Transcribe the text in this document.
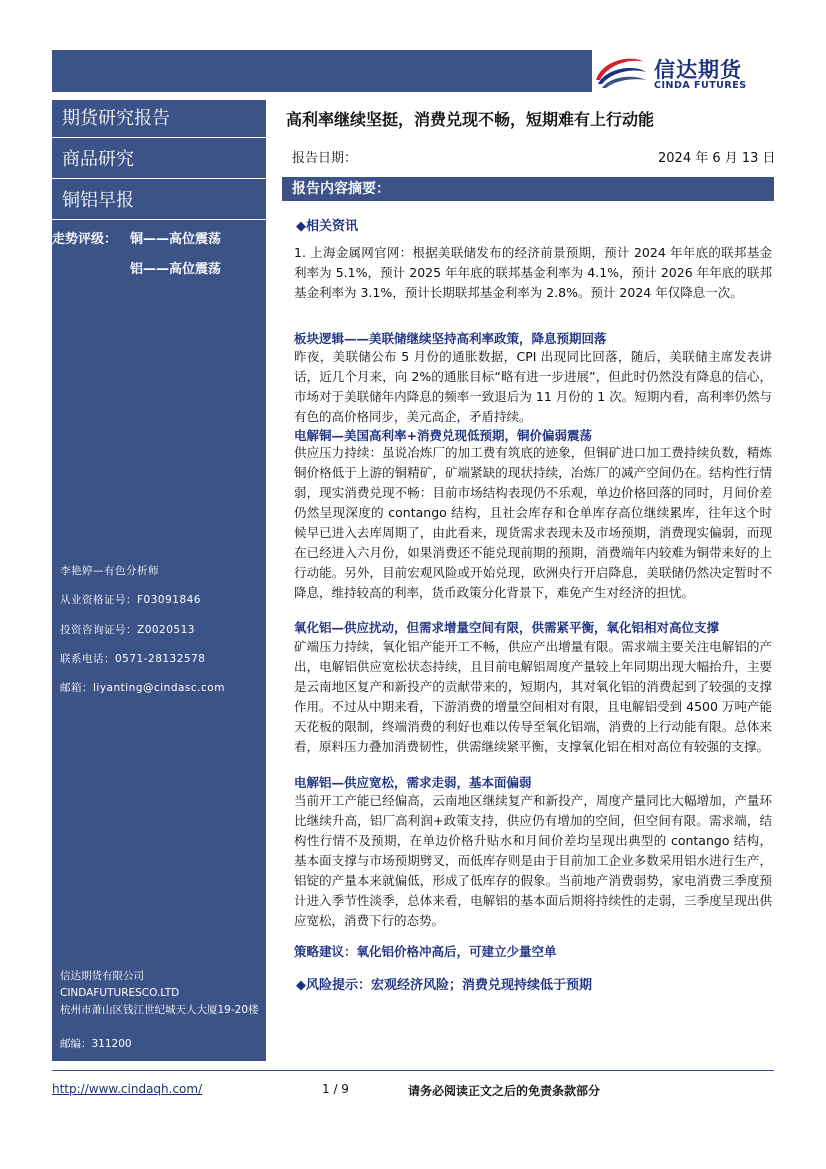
信达期货
CINDA FUTURES
期货研究报告
商品研究
铜铝早报
走势评级： 铜——高位震荡
铝——高位震荡
李艳婷—有色分析师
从业资格证号：F03091846
投资咨询证号：Z0020513
联系电话：0571-28132578
邮箱：liyanting@cindasc.com
信达期货有限公司
CINDAFUTURESCO.LTD
杭州市萧山区钱江世纪城天人大厦19-20楼
邮编：311200
高利率继续坚挺，消费兑现不畅，短期难有上行动能
报告日期：	2024 年 6 月 13 日
报告内容摘要：
◆相关资讯
1. 上海金属网官网：根据美联储发布的经济前景预期，预计 2024 年年底的联邦基金利率为 5.1%，预计 2025 年年底的联邦基金利率为 4.1%，预计 2026 年年底的联邦基金利率为 3.1%，预计长期联邦基金利率为 2.8%。预计 2024 年仅降息一次。
板块逻辑——美联储继续坚持高利率政策，降息预期回落
昨夜，美联储公布 5 月份的通胀数据，CPI 出现同比回落，随后，美联储主席发表讲话，近几个月来，向 2%的通胀目标“略有进一步进展”，但此时仍然没有降息的信心，市场对于美联储年内降息的频率一致退后为 11 月份的 1 次。短期内看，高利率仍然与有色的高价格同步，美元高企，矛盾持续。
电解铜—美国高利率+消费兑现低预期，铜价偏弱震荡
供应压力持续：虽说冶炼厂的加工费有筑底的迹象，但铜矿进口加工费持续负数，精炼铜价格低于上游的铜精矿，矿端紧缺的现状持续，冶炼厂的减产空间仍在。结构性行情弱，现实消费兑现不畅：目前市场结构表现仍不乐观，单边价格回落的同时，月间价差仍然呈现深度的 contango 结构，且社会库存和仓单库存高位继续累库，往年这个时候早已进入去库周期了，由此看来，现货需求表现未及市场预期，消费现实偏弱，而现在已经进入六月份，如果消费还不能兑现前期的预期，消费端年内较难为铜带来好的上行动能。另外，目前宏观风险或开始兑现，欧洲央行开启降息，美联储仍然决定暂时不降息，维持较高的利率，货币政策分化背景下，难免产生对经济的担忧。
氧化铝—供应扰动，但需求增量空间有限，供需紧平衡，氧化铝相对高位支撑
矿端压力持续，氧化铝产能开工不畅，供应产出增量有限。需求端主要关注电解铝的产出，电解铝供应宽松状态持续，且目前电解铝周度产量较上年同期出现大幅抬升，主要是云南地区复产和新投产的贡献带来的，短期内，其对氧化铝的消费起到了较强的支撑作用。不过从中期来看，下游消费的增量空间相对有限，且电解铝受到 4500 万吨产能天花板的限制，终端消费的利好也难以传导至氧化铝端，消费的上行动能有限。总体来看，原料压力叠加消费韧性，供需继续紧平衡，支撑氧化铝在相对高位有较强的支撑。
电解铝—供应宽松，需求走弱，基本面偏弱
当前开工产能已经偏高，云南地区继续复产和新投产，周度产量同比大幅增加，产量环比继续升高，铝厂高利润+政策支持，供应仍有增加的空间，但空间有限。需求端，结构性行情不及预期，在单边价格升贴水和月间价差均呈现出典型的 contango 结构，基本面支撑与市场预期劈叉，而低库存则是由于目前加工企业多数采用铝水进行生产，铝锭的产量本来就偏低，形成了低库存的假象。当前地产消费弱势，家电消费三季度预计进入季节性淡季，总体来看，电解铝的基本面后期将持续性的走弱，三季度呈现出供应宽松，消费下行的态势。
策略建议：氧化铝价格冲高后，可建立少量空单
◆风险提示：宏观经济风险；消费兑现持续低于预期
http://www.cindaqh.com/	1 / 9	请务必阅读正文之后的免责条款部分
